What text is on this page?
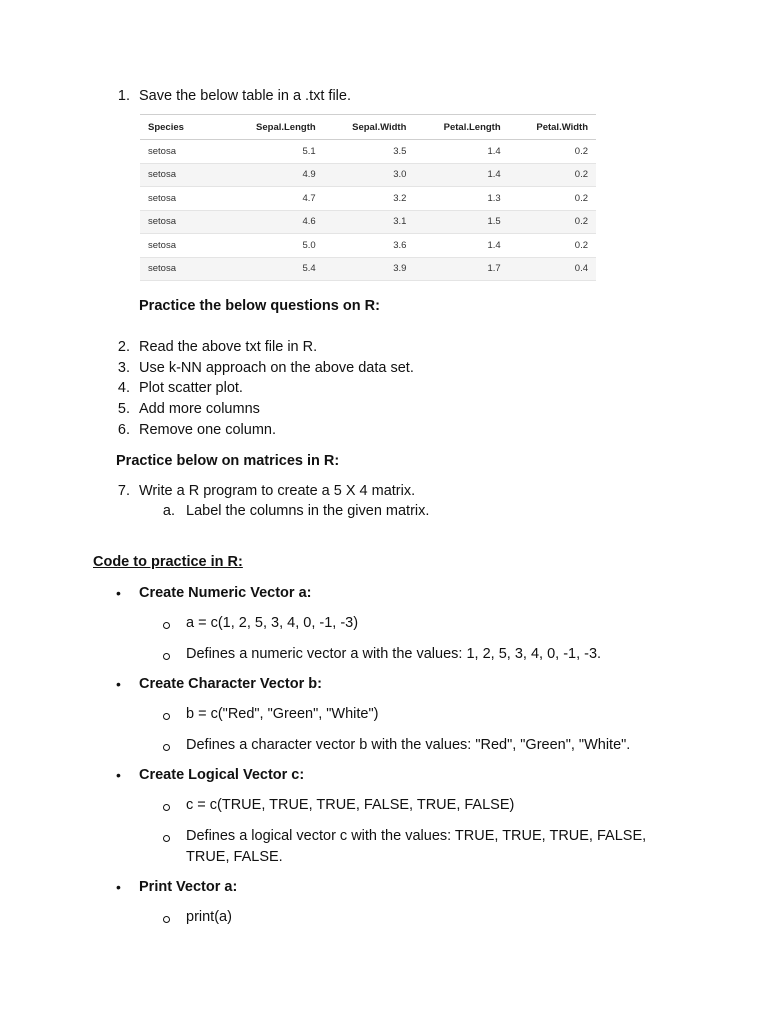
1. Save the below table in a .txt file.
Species	Sepal.Length	Sepal.Width	Petal.Length	Petal.Width
setosa	5.1	3.5	1.4	0.2
setosa	4.9	3.0	1.4	0.2
setosa	4.7	3.2	1.3	0.2
setosa	4.6	3.1	1.5	0.2
setosa	5.0	3.6	1.4	0.2
setosa	5.4	3.9	1.7	0.4
Practice the below questions on R:
2. Read the above txt file in R.
3. Use k-NN approach on the above data set.
4. Plot scatter plot.
5. Add more columns
6. Remove one column.
Practice below on matrices in R:
7. Write a R program to create a 5 X 4 matrix.
a. Label the columns in the given matrix.
Code to practice in R:
• Create Numeric Vector a:
a = c(1, 2, 5, 3, 4, 0, -1, -3)
Defines a numeric vector a with the values: 1, 2, 5, 3, 4, 0, -1, -3.
• Create Character Vector b:
b = c("Red", "Green", "White")
Defines a character vector b with the values: "Red", "Green", "White".
• Create Logical Vector c:
c = c(TRUE, TRUE, TRUE, FALSE, TRUE, FALSE)
Defines a logical vector c with the values: TRUE, TRUE, TRUE, FALSE,
TRUE, FALSE.
• Print Vector a:
print(a)
